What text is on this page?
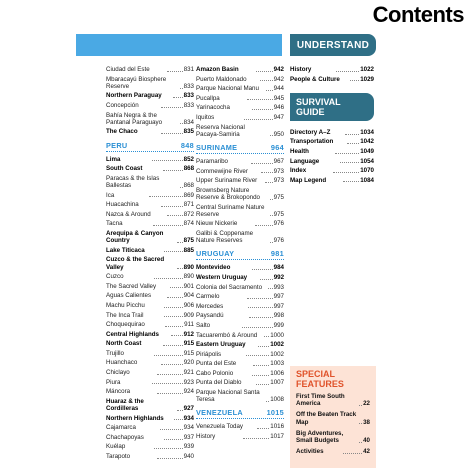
Contents
UNDERSTAND
Ciudad del Este	831
Mbaracayú Biosphere Reserve	833
Northern Paraguay	833
Concepción	833
Bahía Negra & the Pantanal Paraguayo	834
The Chaco	835
PERU	848
Lima	852
South Coast	868
Paracas & the Islas Ballestas	868
Ica	869
Huacachina	871
Nazca & Around	872
Tacna	874
Arequipa & Canyon Country	875
Lake Titicaca	885
Cuzco & the Sacred Valley	890
Cuzco	890
The Sacred Valley	901
Aguas Calientes	904
Machu Picchu	906
The Inca Trail	909
Choquequirao	911
Central Highlands	912
North Coast	915
Trujillo	915
Huanchaco	920
Chiclayo	921
Piura	923
Máncora	924
Huaraz & the Cordilleras	927
Northern Highlands	934
Cajamarca	934
Chachapoyas	937
Kuélap	939
Tarapoto	940
Amazon Basin	942
Puerto Maldonado	942
Parque Nacional Manu	944
Pucallpa	945
Yarinacocha	946
Iquitos	947
Reserva Nacional Pacaya-Samiria	950
SURINAME	964
Paramaribo	967
Commewijne River	973
Upper Suriname River	973
Brownsberg Nature Reserve & Brokopondo	975
Central Suriname Nature Reserve	975
Nieuw Nickerie	976
Galibi & Coppename Nature Reserves	976
URUGUAY	981
Montevideo	984
Western Uruguay	992
Colonia del Sacramento	993
Carmelo	997
Mercedes	997
Paysandú	998
Salto	999
Tacuarembó & Around	1000
Eastern Uruguay	1002
Piriápolis	1002
Punta del Este	1003
Cabo Polonio	1006
Punta del Diablo	1007
Parque Nacional Santa Teresa	1008
VENEZUELA	1015
Venezuela Today	1016
History	1017
History	1022
People & Culture	1029
SURVIVAL GUIDE
Directory A–Z	1034
Transportation	1042
Health	1049
Language	1054
Index	1070
Map Legend	1084
SPECIAL FEATURES
First Time South America	22
Off the Beaten Track Map	38
Big Adventures, Small Budgets	40
Activities	42
